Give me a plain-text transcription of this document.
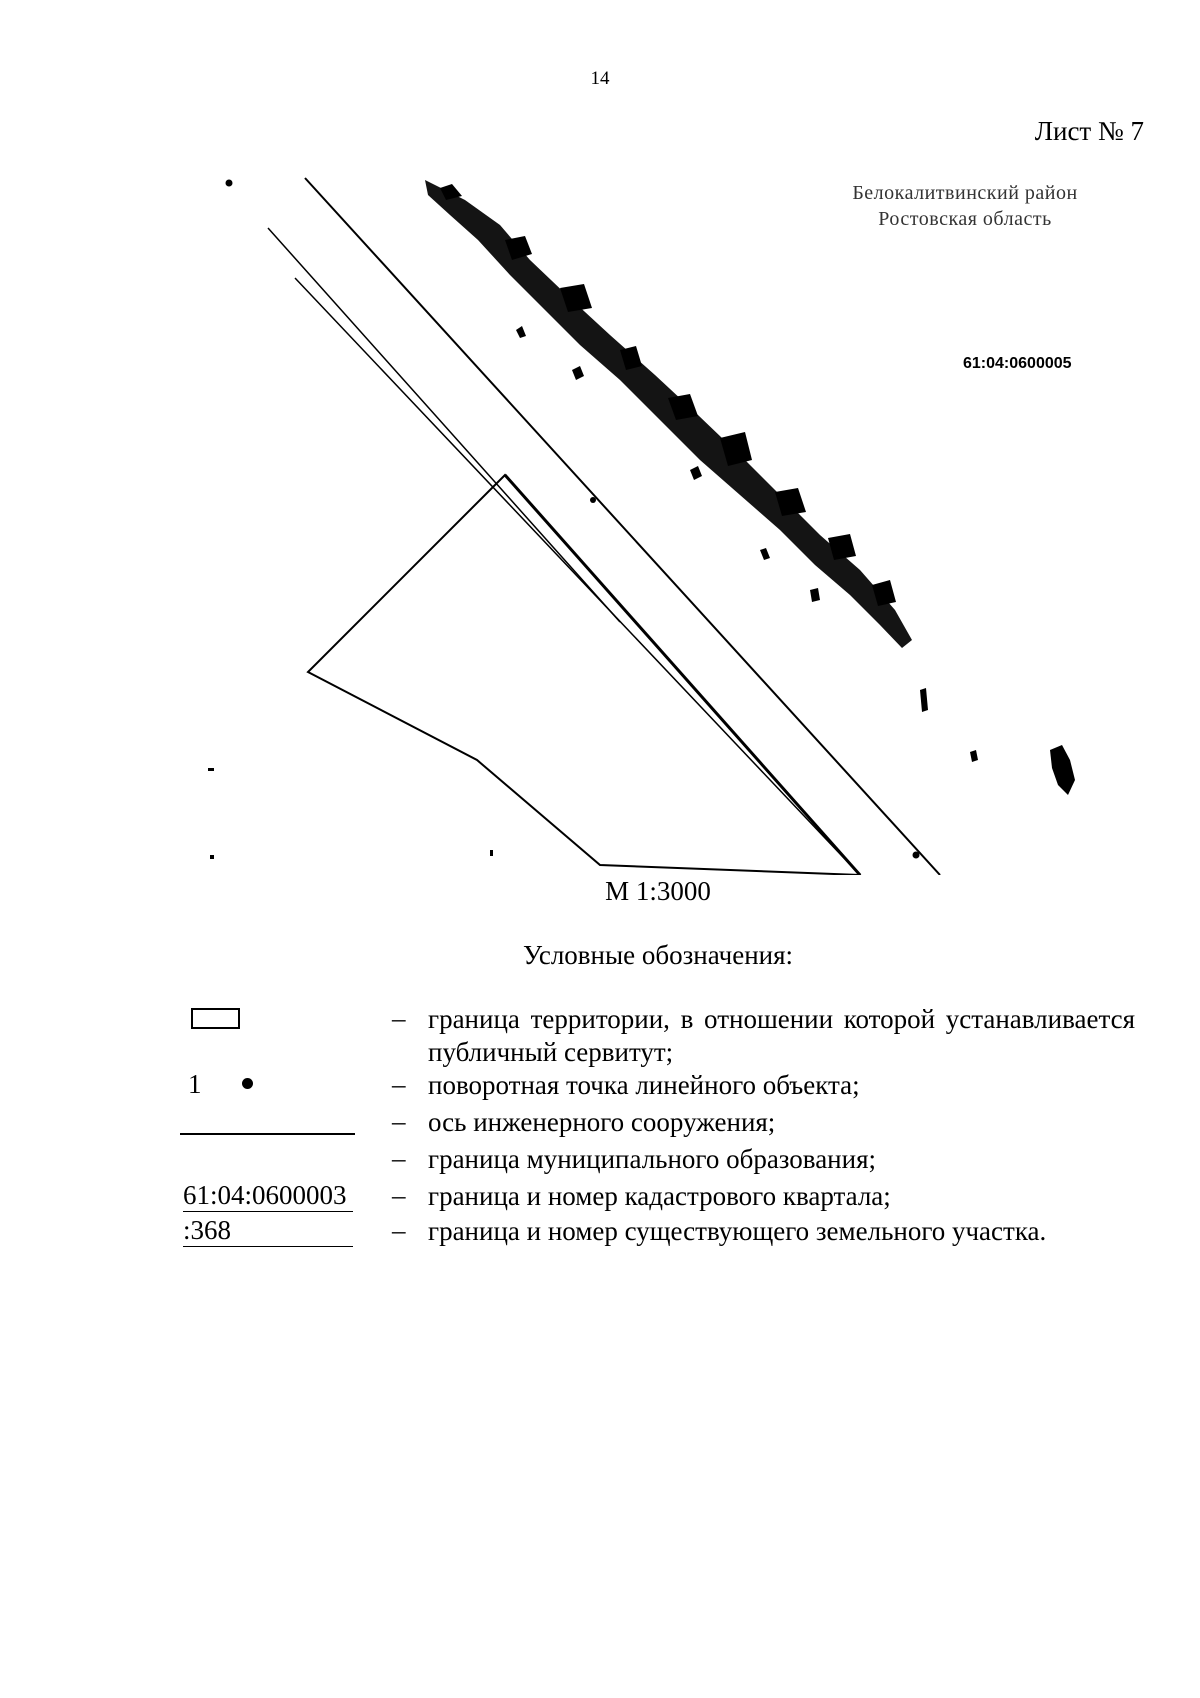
14
Лист № 7
Белокалитвинский район
Ростовская область
61:04:0600005
М 1:3000
Условные обозначения:
– граница территории, в отношении которой устанавливается публичный сервитут;
1	– поворотная точка линейного объекта;
– ось инженерного сооружения;
– граница муниципального образования;
61:04:0600003 – граница и номер кадастрового квартала;
:368	– граница и номер существующего земельного участка.
